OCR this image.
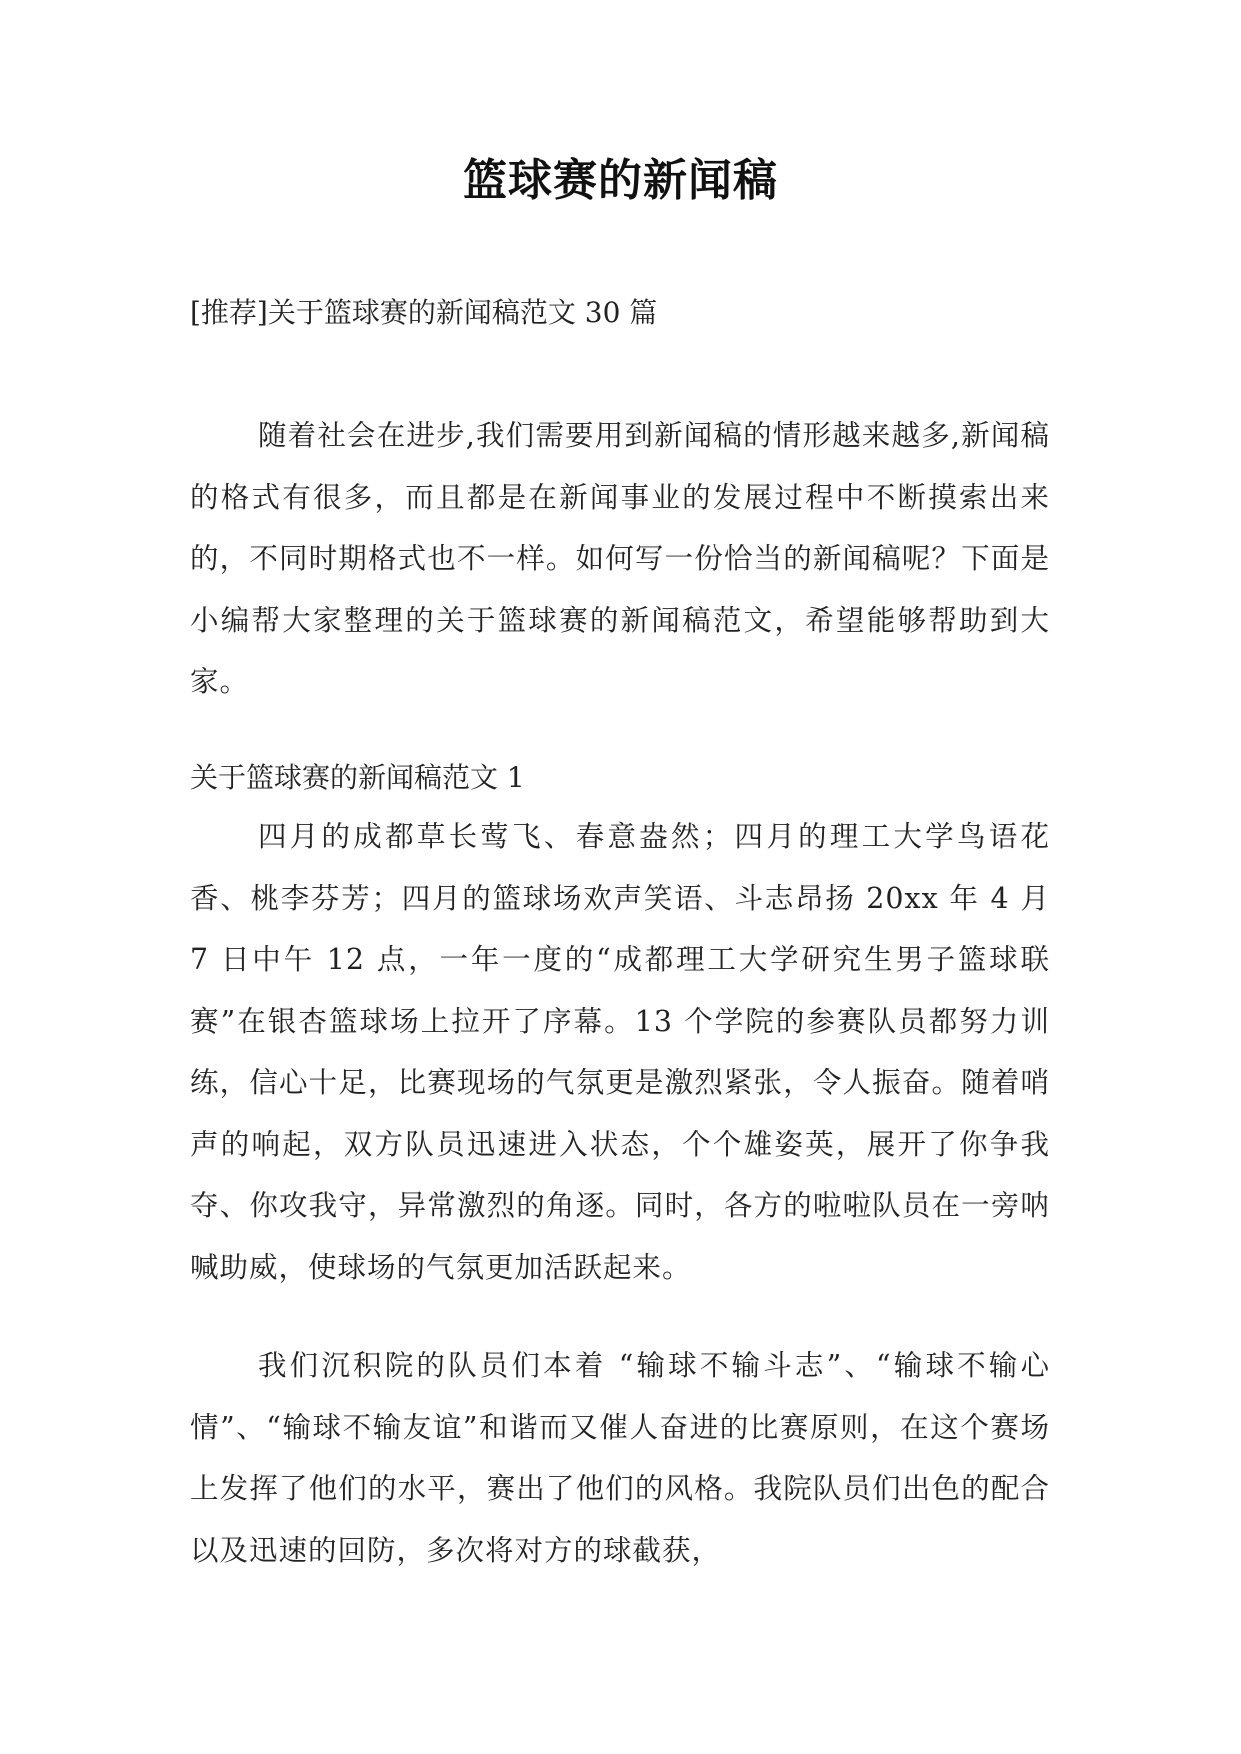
篮球赛的新闻稿
[推荐]关于篮球赛的新闻稿范文 30 篇

随着社会在进步,我们需要用到新闻稿的情形越来越多,新闻稿的格式有很多，而且都是在新闻事业的发展过程中不断摸索出来的，不同时期格式也不一样。如何写一份恰当的新闻稿呢？下面是小编帮大家整理的关于篮球赛的新闻稿范文，希望能够帮助到大家。

关于篮球赛的新闻稿范文 1

四月的成都草长莺飞、春意盎然；四月的理工大学鸟语花香、桃李芬芳；四月的篮球场欢声笑语、斗志昂扬 20xx 年 4 月 7 日中午 12 点，一年一度的“成都理工大学研究生男子篮球联赛”在银杏篮球场上拉开了序幕。13 个学院的参赛队员都努力训练，信心十足，比赛现场的气氛更是激烈紧张，令人振奋。随着哨声的响起，双方队员迅速进入状态，个个雄姿英，展开了你争我夺、你攻我守，异常激烈的角逐。同时，各方的啦啦队员在一旁呐喊助威，使球场的气氛更加活跃起来。

我们沉积院的队员们本着 “输球不输斗志”、“输球不输心情”、“输球不输友谊”和谐而又催人奋进的比赛原则，在这个赛场上发挥了他们的水平，赛出了他们的风格。我院队员们出色的配合以及迅速的回防，多次将对方的球截获，
